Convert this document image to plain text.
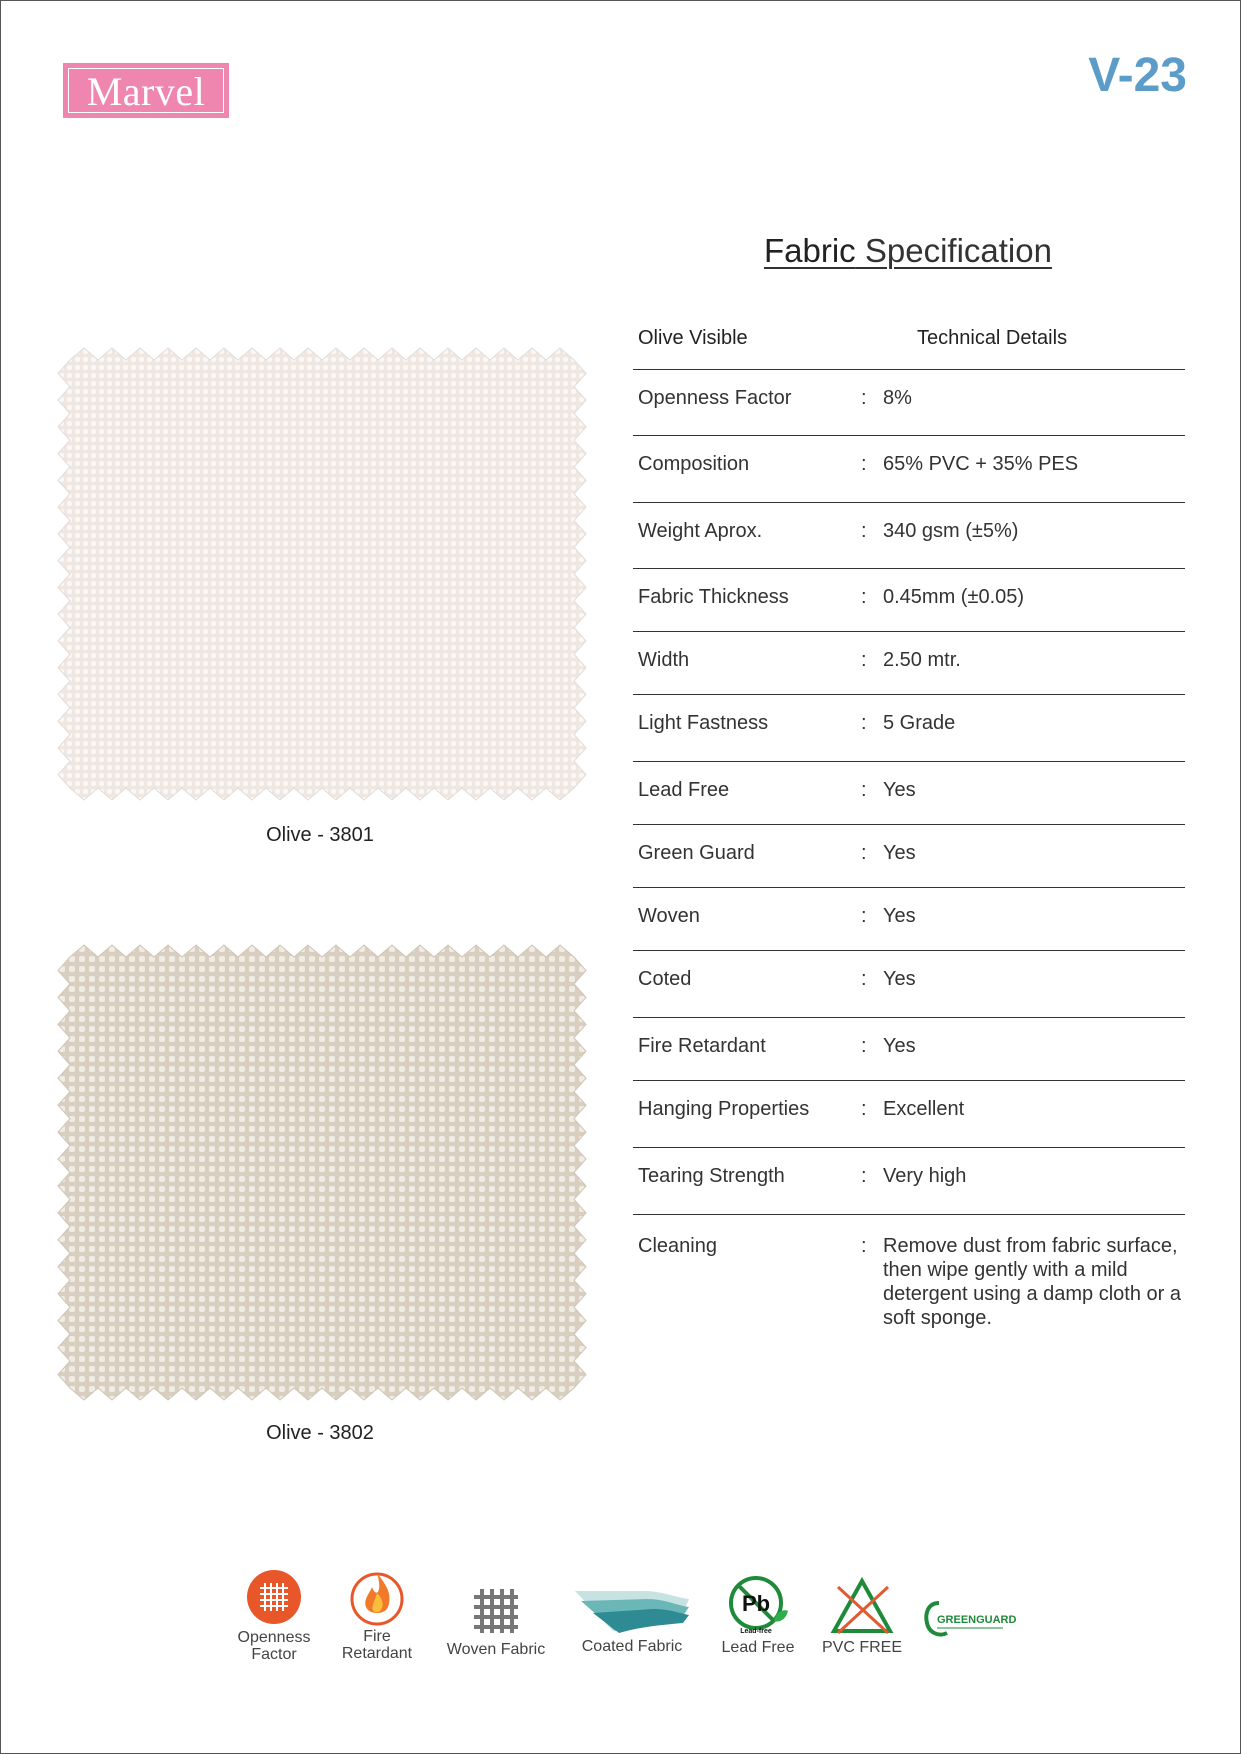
Marvel	V-23
Fabric Specification
Olive - 3801
Olive - 3802
Olive Visible	Technical Details
Openness Factor	: 8%
Composition	: 65% PVC + 35% PES
Weight Aprox.	: 340 gsm (±5%)
Fabric Thickness	: 0.45mm (±0.05)
Width	: 2.50 mtr.
Light Fastness	: 5 Grade
Lead Free	: Yes
Green Guard	: Yes
Woven	: Yes
Coted	: Yes
Fire Retardant	: Yes
Hanging Properties	: Excellent
Tearing Strength	: Very high
Cleaning	: Remove dust from fabric surface, then wipe gently with a mild detergent using a damp cloth or a soft sponge.
Openness
Factor
Fire
Retardant	Woven Fabric	Coated Fabric
Pb
Lead-free
Lead Free	PVC FREE
GREENGUARD
